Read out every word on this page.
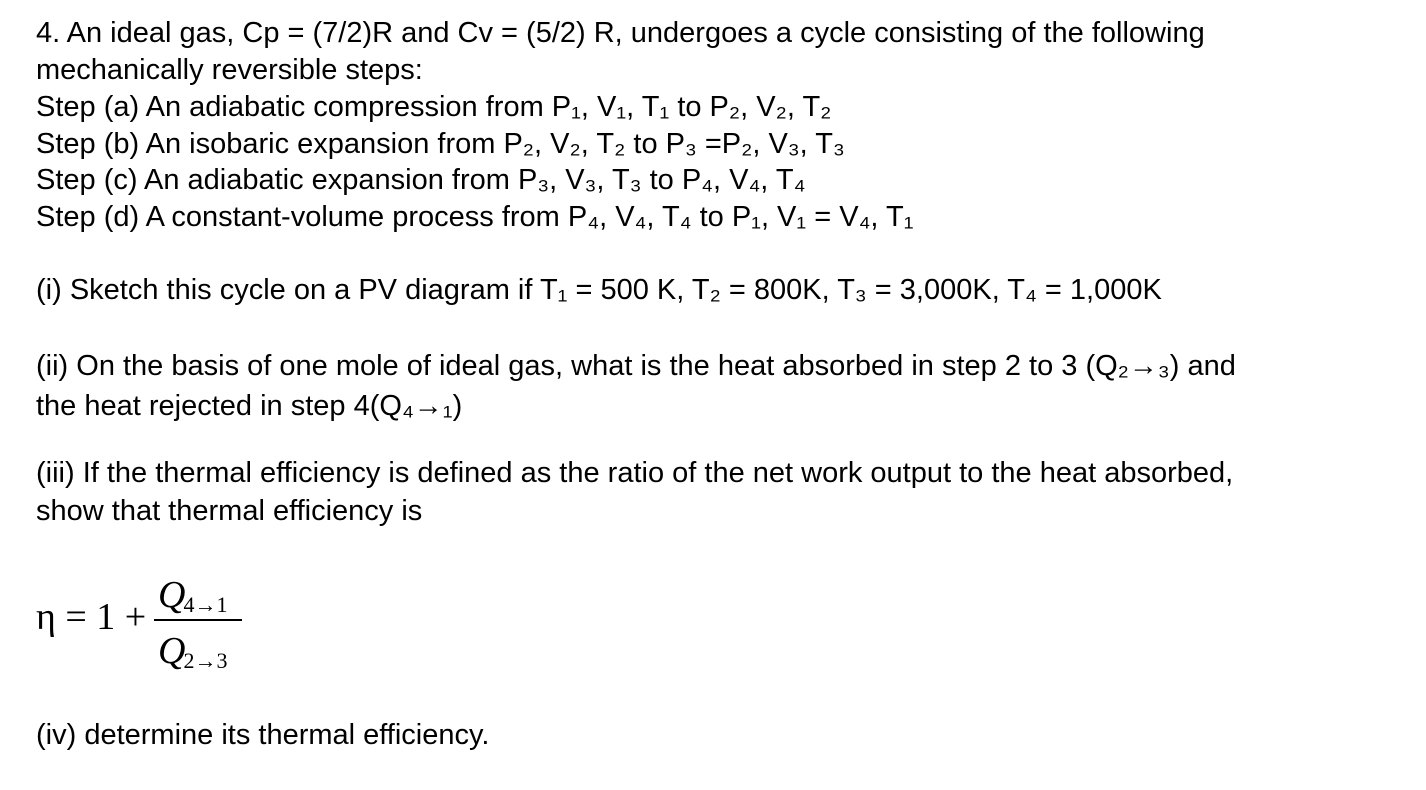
4. An ideal gas, Cp = (7/2)R and Cv = (5/2) R, undergoes a cycle consisting of the following
mechanically reversible steps:
Step (a) An adiabatic compression from P₁, V₁, T₁ to P₂, V₂, T₂
Step (b) An isobaric expansion from P₂, V₂, T₂ to P₃ =P₂, V₃, T₃
Step (c) An adiabatic expansion from P₃, V₃, T₃ to P₄, V₄, T₄
Step (d) A constant-volume process from P₄, V₄, T₄ to P₁, V₁ = V₄, T₁
(i) Sketch this cycle on a PV diagram if T₁ = 500 K, T₂ = 800K, T₃ = 3,000K, T₄ = 1,000K
(ii) On the basis of one mole of ideal gas, what is the heat absorbed in step 2 to 3 (Q₂→₃) and
the heat rejected in step 4(Q₄→₁)
(iii) If the thermal efficiency is defined as the ratio of the net work output to the heat absorbed,
show that thermal efficiency is
η = 1 +
Q4→1
Q2→3
(iv) determine its thermal efficiency.
